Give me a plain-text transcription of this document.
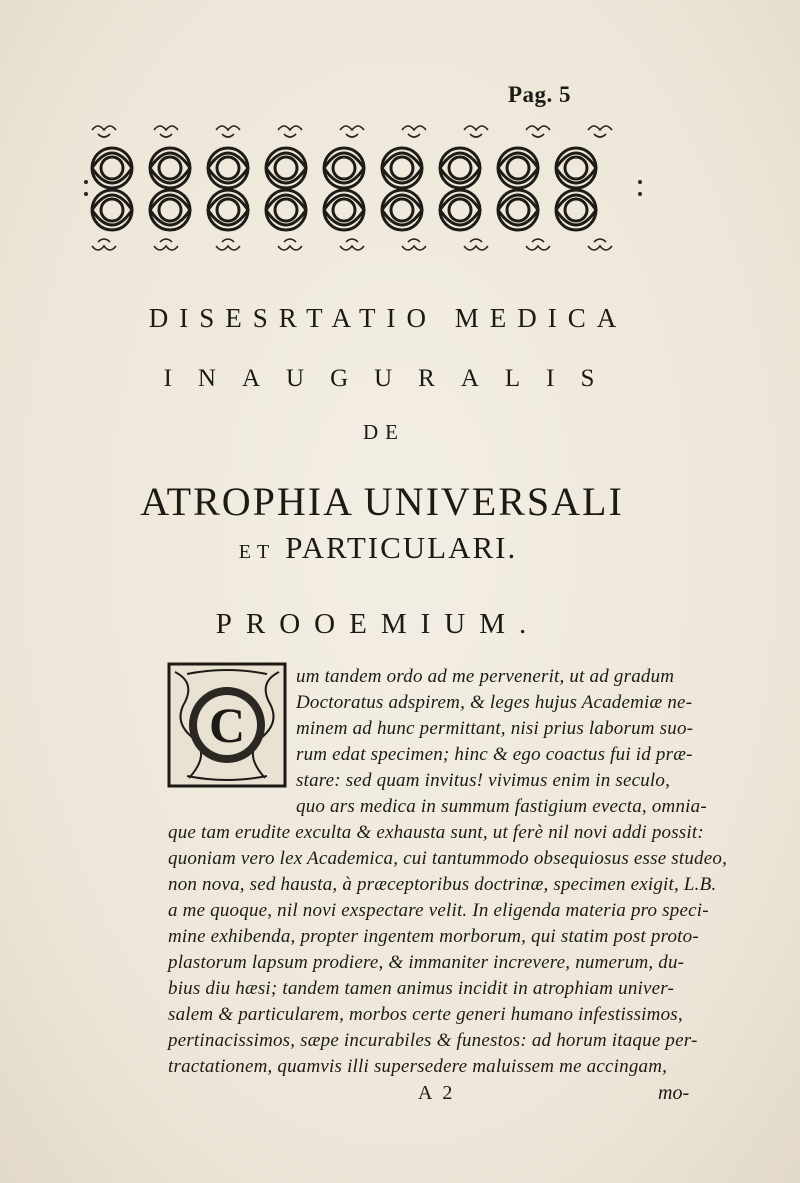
Pag. 5
DISESRTATIO MEDICA
INAUGURALIS
DE
ATROPHIA UNIVERSALI
ET PARTICULARI.
PROOEMIUM.
C
um tandem ordo ad me pervenerit, ut ad gradum
Doctoratus adspirem, & leges hujus Academiæ ne-
minem ad hunc permittant, nisi prius laborum suo-
rum edat specimen; hinc & ego coactus fui id præ-
stare: sed quam invitus! vivimus enim in seculo,
quo ars medica in summum fastigium evecta, omnia-
que tam erudite exculta & exhausta sunt, ut ferè nil novi addi possit:
quoniam vero lex Academica, cui tantummodo obsequiosus esse studeo,
non nova, sed hausta, à præceptoribus doctrinæ, specimen exigit, L.B.
a me quoque, nil novi exspectare velit. In eligenda materia pro speci-
mine exhibenda, propter ingentem morborum, qui statim post proto-
plastorum lapsum prodiere, & immaniter increvere, numerum, du-
bius diu hæsi; tandem tamen animus incidit in atrophiam univer-
salem & particularem, morbos certe generi humano infestissimos,
pertinacissimos, sæpe incurabiles & funestos: ad horum itaque per-
tractationem, quamvis illi supersedere maluissem me accingam,
A 2	mo-
